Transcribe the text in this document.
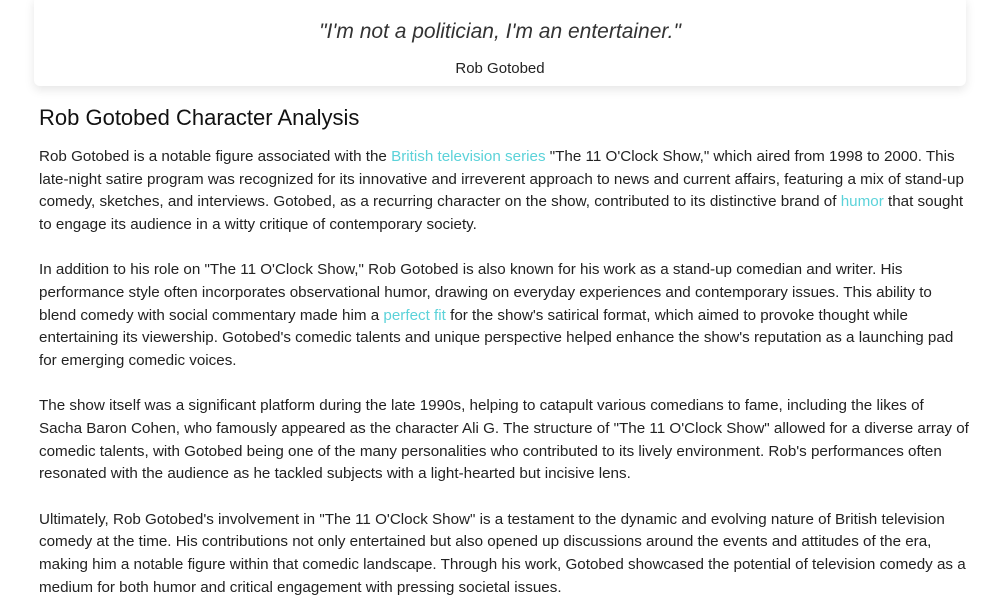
"I'm not a politician, I'm an entertainer."

Rob Gotobed

Rob Gotobed Character Analysis

Rob Gotobed is a notable figure associated with the British television series "The 11 O'Clock Show," which aired from 1998 to 2000. This late-night satire program was recognized for its innovative and irreverent approach to news and current affairs, featuring a mix of stand-up comedy, sketches, and interviews. Gotobed, as a recurring character on the show, contributed to its distinctive brand of humor that sought to engage its audience in a witty critique of contemporary society.

In addition to his role on "The 11 O'Clock Show," Rob Gotobed is also known for his work as a stand-up comedian and writer. His performance style often incorporates observational humor, drawing on everyday experiences and contemporary issues. This ability to blend comedy with social commentary made him a perfect fit for the show's satirical format, which aimed to provoke thought while entertaining its viewership. Gotobed's comedic talents and unique perspective helped enhance the show's reputation as a launching pad for emerging comedic voices.

The show itself was a significant platform during the late 1990s, helping to catapult various comedians to fame, including the likes of Sacha Baron Cohen, who famously appeared as the character Ali G. The structure of "The 11 O'Clock Show" allowed for a diverse array of comedic talents, with Gotobed being one of the many personalities who contributed to its lively environment. Rob's performances often resonated with the audience as he tackled subjects with a light-hearted but incisive lens.

Ultimately, Rob Gotobed's involvement in "The 11 O'Clock Show" is a testament to the dynamic and evolving nature of British television comedy at the time. His contributions not only entertained but also opened up discussions around the events and attitudes of the era, making him a notable figure within that comedic landscape. Through his work, Gotobed showcased the potential of television comedy as a medium for both humor and critical engagement with pressing societal issues.
